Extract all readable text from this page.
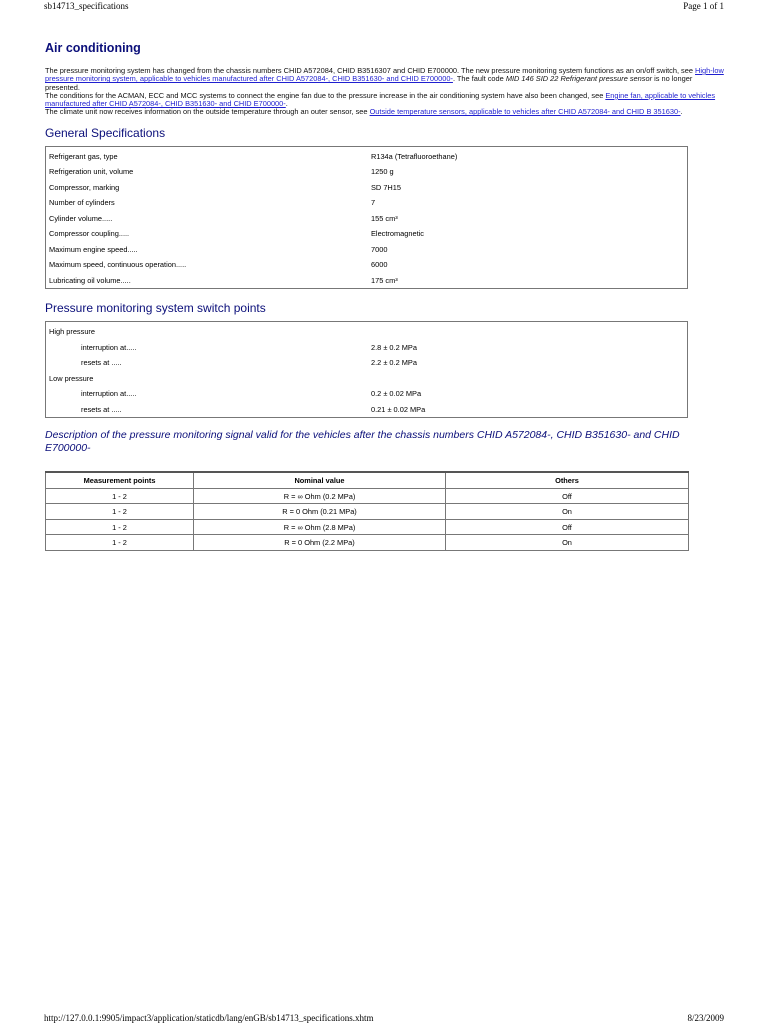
sb14713_specifications	Page 1 of 1
Air conditioning
The pressure monitoring system has changed from the chassis numbers CHID A572084, CHID B3516307 and CHID E700000. The new pressure monitoring system functions as an on/off switch, see High-low pressure monitoring system, applicable to vehicles manufactured after CHID A572084-, CHID B351630- and CHID E700000-. The fault code MID 146 SID 22 Refrigerant pressure sensor is no longer presented.
The conditions for the ACMAN, ECC and MCC systems to connect the engine fan due to the pressure increase in the air conditioning system have also been changed, see Engine fan, applicable to vehicles manufactured after CHID A572084-, CHID B351630- and CHID E700000-.
The climate unit now receives information on the outside temperature through an outer sensor, see Outside temperature sensors, applicable to vehicles after CHID A572084- and CHID B 351630-.
General Specifications
Refrigerant gas, type	R134a (Tetrafluoroethane)
Refrigeration unit, volume	1250 g
Compressor, marking	SD 7H15
Number of cylinders	7
Cylinder volume.....	155 cm³
Compressor coupling.....	Electromagnetic
Maximum engine speed.....	7000
Maximum speed, continuous operation.....	6000
Lubricating oil volume.....	175 cm³
Pressure monitoring system switch points
High pressure
interruption at.....	2.8 ± 0.2 MPa
resets at .....	2.2 ± 0.2 MPa
Low pressure
interruption at.....	0.2 ± 0.02 MPa
resets at .....	0.21 ± 0.02 MPa
Description of the pressure monitoring signal valid for the vehicles after the chassis numbers CHID A572084-, CHID B351630- and CHID E700000-
Measurement points	Nominal value	Others
1 - 2	R = ∞ Ohm (0.2 MPa)	Off
1 - 2	R = 0 Ohm (0.21 MPa)	On
1 - 2	R = ∞ Ohm (2.8 MPa)	Off
1 - 2	R = 0 Ohm (2.2 MPa)	On
http://127.0.0.1:9905/impact3/application/staticdb/lang/enGB/sb14713_specifications.xhtm	8/23/2009
